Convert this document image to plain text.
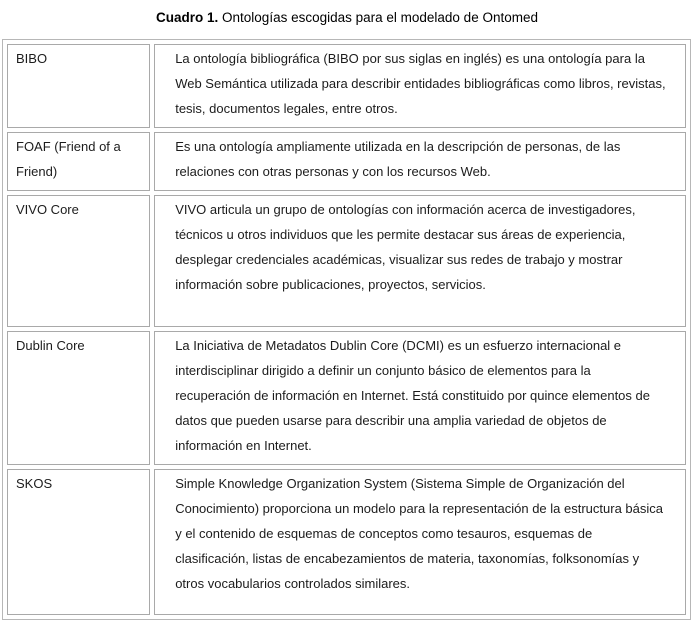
Cuadro 1. Ontologías escogidas para el modelado de Ontomed
BIBO	La ontología bibliográfica (BIBO por sus siglas en inglés) es una ontología para la Web Semántica utilizada para describir entidades bibliográficas como libros, revistas, tesis, documentos legales, entre otros.
FOAF (Friend of a Friend)	Es una ontología ampliamente utilizada en la descripción de personas, de las relaciones con otras personas y con los recursos Web.
VIVO Core	VIVO articula un grupo de ontologías con información acerca de investigadores, técnicos u otros individuos que les permite destacar sus áreas de experiencia, desplegar credenciales académicas, visualizar sus redes de trabajo y mostrar información sobre publicaciones, proyectos, servicios.
Dublin Core	La Iniciativa de Metadatos Dublin Core (DCMI) es un esfuerzo internacional e interdisciplinar dirigido a definir un conjunto básico de elementos para la recuperación de información en Internet. Está constituido por quince elementos de datos que pueden usarse para describir una amplia variedad de objetos de información en Internet.
SKOS	Simple Knowledge Organization System (Sistema Simple de Organización del Conocimiento) proporciona un modelo para la representación de la estructura básica y el contenido de esquemas de conceptos como tesauros, esquemas de clasificación, listas de encabezamientos de materia, taxonomías, folksonomías y otros vocabularios controlados similares.
